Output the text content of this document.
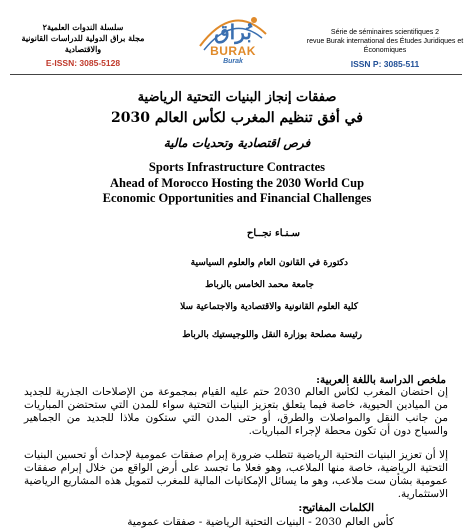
سلسلة الندوات العلمية٢
مجلة براق الدولية للدراسات القانونية والاقتصادية
E-ISSN: 3085-5128
بُراق
BURAK
Burak
Série de séminaires scientifiques 2
revue Burak international des Études Juridiques et Économiques
ISSN P: 3085-511
صفقات إنجاز البنيات التحتية الرياضية
في أفق تنظيم المغرب لكأس العالم 2030
فرص اقتصادية وتحديات مالية
Sports Infrastructure Contractes
Ahead of Morocco Hosting the 2030 World Cup
Economic Opportunities and Financial Challenges
سـنـاء نجــاح
دكتورة في القانون العام والعلوم السياسية
جامعة محمد الخامس بالرباط
كلية العلوم القانونية والاقتصادية والاجتماعية سلا
رئيسة مصلحة بوزارة النقل واللوجيستيك بالرباط
ملخص الدراسة باللغة العربية:
إن احتضان المغرب لكأس العالم 2030 حتم عليه القيام بمجموعة من الإصلاحات الجذرية للجديد من الميادين الحيوية، خاصة فيما يتعلق بتعزيز البنيات التحتية سواء للمدن التي ستحتضن المباريات من جانب النقل والمواصلات والطرق، أو حتى المدن التي ستكون ملاذا للجديد من الجماهير والسياح دون أن تكون محطة لإجراء المباريات.
إلا أن تعزيز البنيات التحتية الرياضية تتطلب ضرورة إبرام صفقات عمومية لإحداث أو تحسين البنيات التحتية الرياضية، خاصة منها الملاعب، وهو فعلا ما تجسد على أرض الواقع من خلال إبرام صفقات عمومية بشأن ست ملاعب، وهو ما يسائل الإمكانيات المالية للمغرب لتمويل هذه المشاريع الرياضية الاستثمارية.
الكلمات المفاتيح:
كأس العالم 2030 - البنيات التحتية الرياضية - صفقات عمومية
